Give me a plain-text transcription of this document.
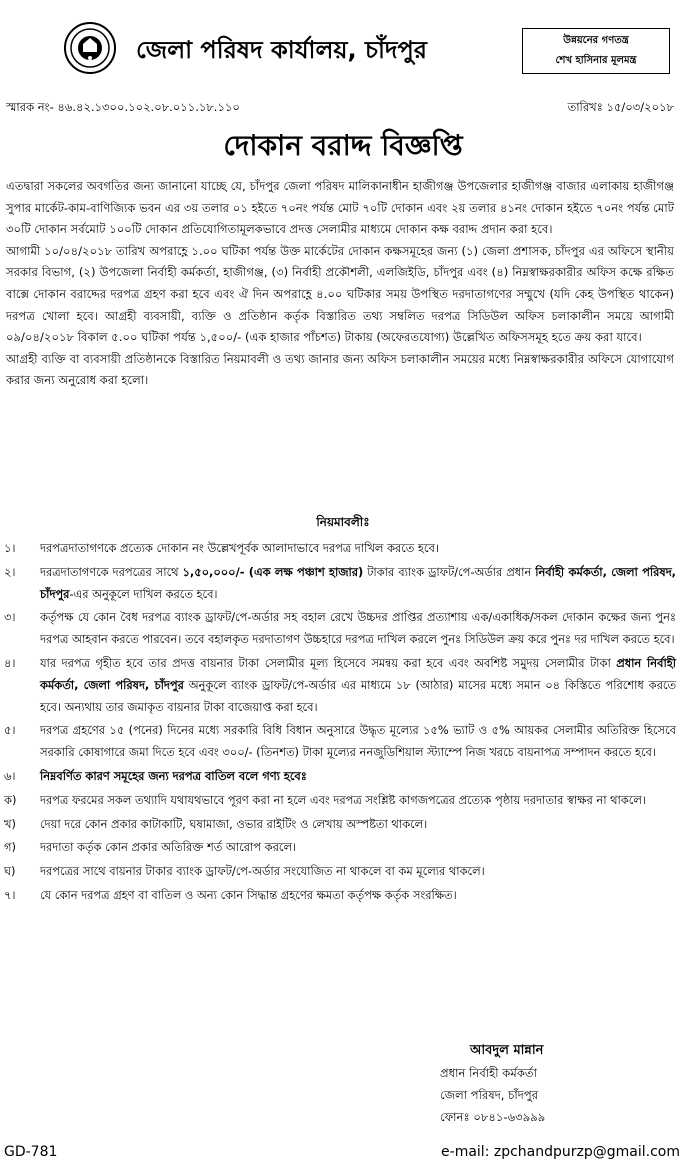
জেলা পরিষদ কার্যালয়, চাঁদপুর	উন্নয়নের গণতন্ত্র
শেখ হাসিনার মূলমন্ত্র
স্মারক নং- ৪৬.৪২.১৩০০.১০২.০৮.০১১.১৮.১১০	তারিখঃ ১৫/০৩/২০১৮
দোকান বরাদ্দ বিজ্ঞপ্তি

এতদ্বারা সকলের অবগতির জন্য জানানো যাচ্ছে যে, চাঁদপুর জেলা পরিষদ মালিকানাধীন হাজীগঞ্জ উপজেলার হাজীগঞ্জ বাজার এলাকায় হাজীগঞ্জ সুপার মার্কেট-কাম-বাণিজ্যিক ভবন এর ৩য় তলার ০১ হইতে ৭০নং পর্যন্ত মোট ৭০টি দোকান এবং ২য় তলার ৪১নং দোকান হইতে ৭০নং পর্যন্ত মোট ৩০টি দোকান সর্বমোট ১০০টি দোকান প্রতিযোগিতামূলকভাবে প্রদত্ত সেলামীর মাধ্যমে দোকান কক্ষ বরাদ্দ প্রদান করা হবে।

আগামী ১০/০৪/২০১৮ তারিখ অপরাহ্ণে ১.০০ ঘটিকা পর্যন্ত উক্ত মার্কেটের দোকান কক্ষসমূহের জন্য (১) জেলা প্রশাসক, চাঁদপুর এর অফিসে স্থানীয় সরকার বিভাগ, (২) উপজেলা নির্বাহী কর্মকর্তা, হাজীগঞ্জ, (৩) নির্বাহী প্রকৌশলী, এলজিইডি, চাঁদপুর এবং (৪) নিম্নস্বাক্ষরকারীর অফিস কক্ষে রক্ষিত বাক্সে দোকান বরাদ্দের দরপত্র গ্রহণ করা হবে এবং ঐ দিন অপরাহ্ণে ৪.০০ ঘটিকার সময় উপস্থিত দরদাতাগণের সম্মুখে (যদি কেহ উপস্থিত থাকেন) দরপত্র খোলা হবে। আগ্রহী ব্যবসায়ী, ব্যক্তি ও প্রতিষ্ঠান কর্তৃক বিস্তারিত তথ্য সম্বলিত দরপত্র সিডিউল অফিস চলাকালীন সময়ে আগামী ০৯/০৪/২০১৮ বিকাল ৫.০০ ঘটিকা পর্যন্ত ১,৫০০/- (এক হাজার পাঁচশত) টাকায় (অফেরতযোগ্য) উল্লেখিত অফিসসমূহ হতে ক্রয় করা যাবে।

আগ্রহী ব্যক্তি বা ব্যবসায়ী প্রতিষ্ঠানকে বিস্তারিত নিয়মাবলী ও তথ্য জানার জন্য অফিস চলাকালীন সময়ের মধ্যে নিম্নস্বাক্ষরকারীর অফিসে যোগাযোগ করার জন্য অনুরোধ করা হলো।

নিয়মাবলীঃ
১। দরপত্রদাতাগণকে প্রত্যেক দোকান নং উল্লেখপূর্বক আলাদাভাবে দরপত্র দাখিল করতে হবে।
২। দরত্রদাতাগণকে দরপত্রের সাথে ১,৫০,০০০/- (এক লক্ষ পঞ্চাশ হাজার) টাকার ব্যাংক ড্রাফট/পে-অর্ডার প্রধান নির্বাহী কর্মকর্তা, জেলা পরিষদ, চাঁদপুর-এর অনুকূলে দাখিল করতে হবে।
৩। কর্তৃপক্ষ যে কোন বৈধ দরপত্র ব্যাংক ড্রাফট/পে-অর্ডার সহ বহাল রেখে উচ্চদর প্রাপ্তির প্রত্যাশায় এক/একাধিক/সকল দোকান কক্ষের জন্য পুনঃ দরপত্র আহবান করতে পারবেন। তবে বহালকৃত দরদাতাগণ উচ্চহারে দরপত্র দাখিল করলে পুনঃ সিডিউল ক্রয় করে পুনঃ দর দাখিল করতে হবে।
৪। যার দরপত্র গৃহীত হবে তার প্রদত্ত বায়নার টাকা সেলামীর মূল্য হিসেবে সমন্বয় করা হবে এবং অবশিষ্ট সমুদয় সেলামীর টাকা প্রধান নির্বাহী কর্মকর্তা, জেলা পরিষদ, চাঁদপুর অনুকূলে ব্যাংক ড্রাফট/পে-অর্ডার এর মাধ্যমে ১৮ (আঠার) মাসের মধ্যে সমান ০৪ কিস্তিতে পরিশোধ করতে হবে। অন্যথায় তার জমাকৃত বায়নার টাকা বাজেয়াপ্ত করা হবে।
৫। দরপত্র গ্রহণের ১৫ (পনের) দিনের মধ্যে সরকারি বিধি বিধান অনুসারে উদ্ধৃত মূল্যের ১৫% ভ্যাট ও ৫% আয়কর সেলামীর অতিরিক্ত হিসেবে সরকারি কোষাগারে জমা দিতে হবে এবং ৩০০/- (তিনশত) টাকা মূল্যের ননজুডিশিয়াল স্ট্যাম্পে নিজ খরচে বায়নাপত্র সম্পাদন করতে হবে।
৬। নিম্নবর্ণিত কারণ সমূহের জন্য দরপত্র বাতিল বলে গণ্য হবেঃ
ক) দরপত্র ফরমের সকল তথ্যাদি যথাযথভাবে পূরণ করা না হলে এবং দরপত্র সংশ্লিষ্ট কাগজপত্রের প্রত্যেক পৃষ্ঠায় দরদাতার স্বাক্ষর না থাকলে।
খ) দেয়া দরে কোন প্রকার কাটাকাটি, ঘষামাজা, ওভার রাইটিং ও লেখায় অস্পষ্টতা থাকলে।
গ) দরদাতা কর্তৃক কোন প্রকার অতিরিক্ত শর্ত আরোপ করলে।
ঘ) দরপত্রের সাথে বায়নার টাকার ব্যাংক ড্রাফট/পে-অর্ডার সংযোজিত না থাকলে বা কম মূল্যের থাকলে।
৭। যে কোন দরপত্র গ্রহণ বা বাতিল ও অন্য কোন সিদ্ধান্ত গ্রহণের ক্ষমতা কর্তৃপক্ষ কর্তৃক সংরক্ষিত।
আবদুল মান্নান
প্রধান নির্বাহী কর্মকর্তা
জেলা পরিষদ, চাঁদপুর
ফোনঃ ০৮৪১-৬৩৯৯৯
GD-781	e-mail: zpchandpurzp@gmail.com
